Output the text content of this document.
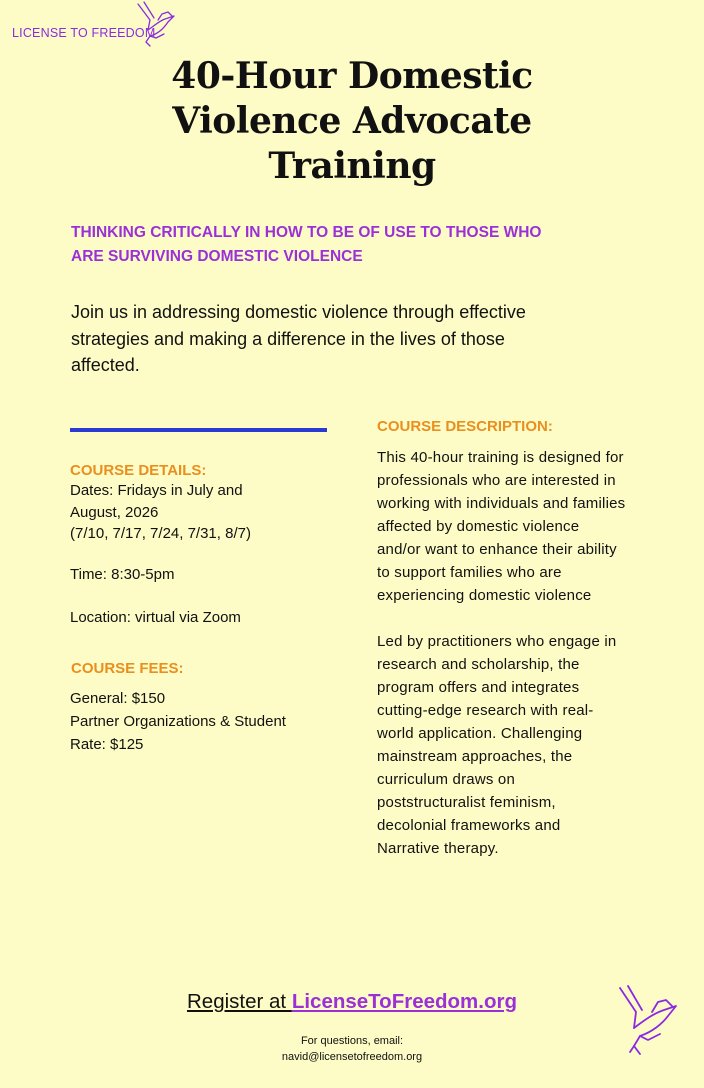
LICENSE TO FREEDOM
40-Hour Domestic
Violence Advocate
Training
THINKING CRITICALLY IN HOW TO BE OF USE TO THOSE WHO
ARE SURVIVING DOMESTIC VIOLENCE
Join us in addressing domestic violence through effective
strategies and making a difference in the lives of those
affected.
COURSE DETAILS:
Dates: Fridays in July and
August, 2026
(7/10, 7/17, 7/24, 7/31, 8/7)
Time: 8:30-5pm
Location: virtual via Zoom
COURSE FEES:
General: $150
Partner Organizations & Student
Rate: $125
COURSE DESCRIPTION:

This 40-hour training is designed for professionals who are interested in working with individuals and families affected by domestic violence and/or want to enhance their ability to support families who are experiencing domestic violence

Led by practitioners who engage in research and scholarship, the program offers and integrates cutting-edge research with real-world application. Challenging mainstream approaches, the curriculum draws on poststructuralist feminism, decolonial frameworks and Narrative therapy.

Register at LicenseToFreedom.org
For questions, email:
navid@licensetofreedom.org
